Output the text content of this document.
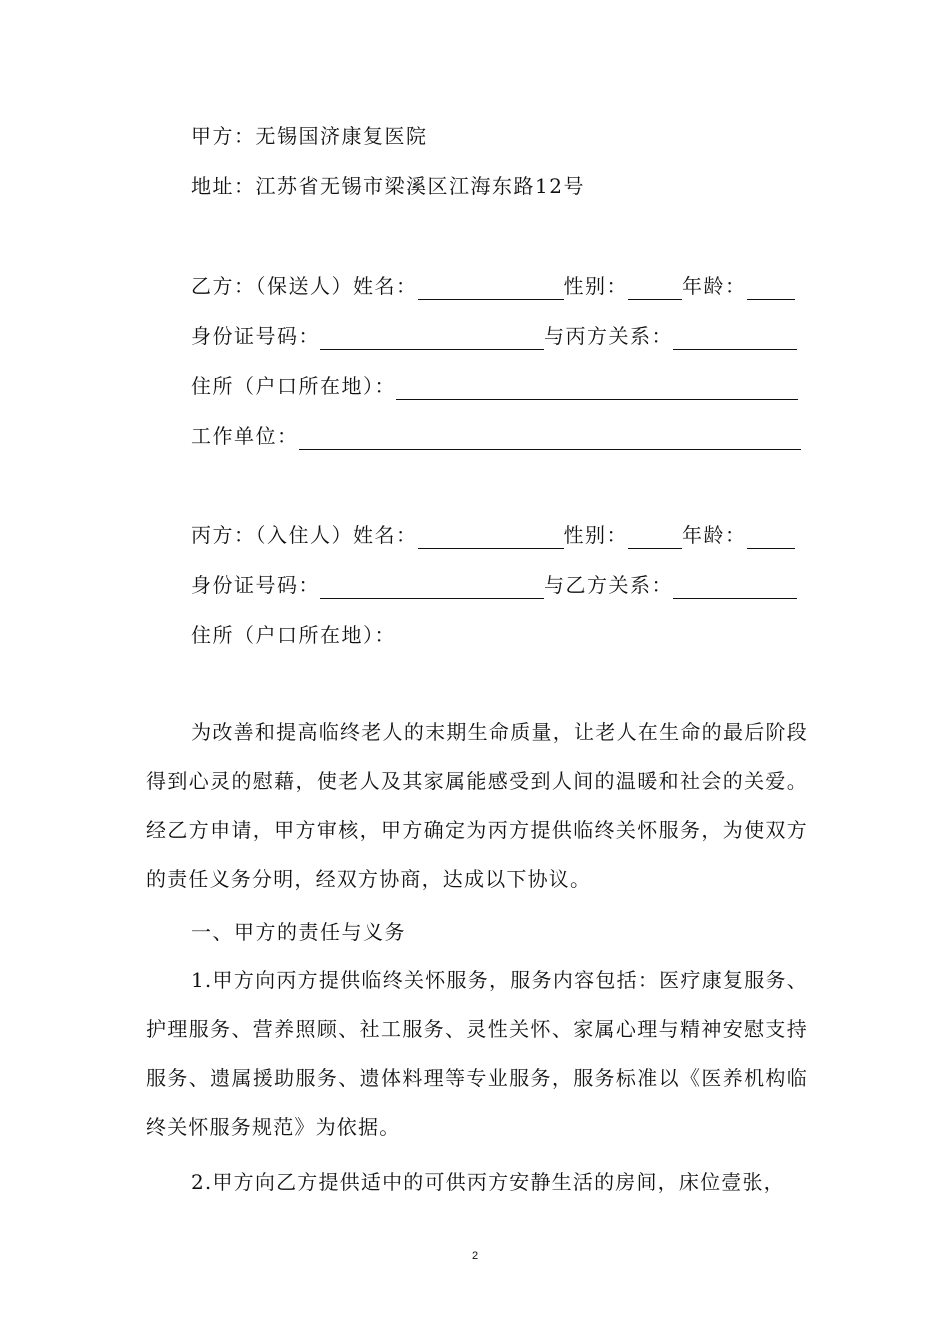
甲方：无锡国济康复医院
地址：江苏省无锡市梁溪区江海东路12号
乙方：（保送人）姓名：	性别：	年龄：
身份证号码：	与丙方关系：
住所（户口所在地）：
工作单位：
丙方：（入住人）姓名：	性别：	年龄：
身份证号码：	与乙方关系：
住所（户口所在地）：
为改善和提高临终老人的末期生命质量，让老人在生命的最后阶段得到心灵的慰藉，使老人及其家属能感受到人间的温暖和社会的关爱。经乙方申请，甲方审核，甲方确定为丙方提供临终关怀服务，为使双方的责任义务分明，经双方协商，达成以下协议。
一、甲方的责任与义务
1.甲方向丙方提供临终关怀服务，服务内容包括：医疗康复服务、护理服务、营养照顾、社工服务、灵性关怀、家属心理与精神安慰支持服务、遗属援助服务、遗体料理等专业服务，服务标准以《医养机构临终关怀服务规范》为依据。
2.甲方向乙方提供适中的可供丙方安静生活的房间，床位壹张，
2
